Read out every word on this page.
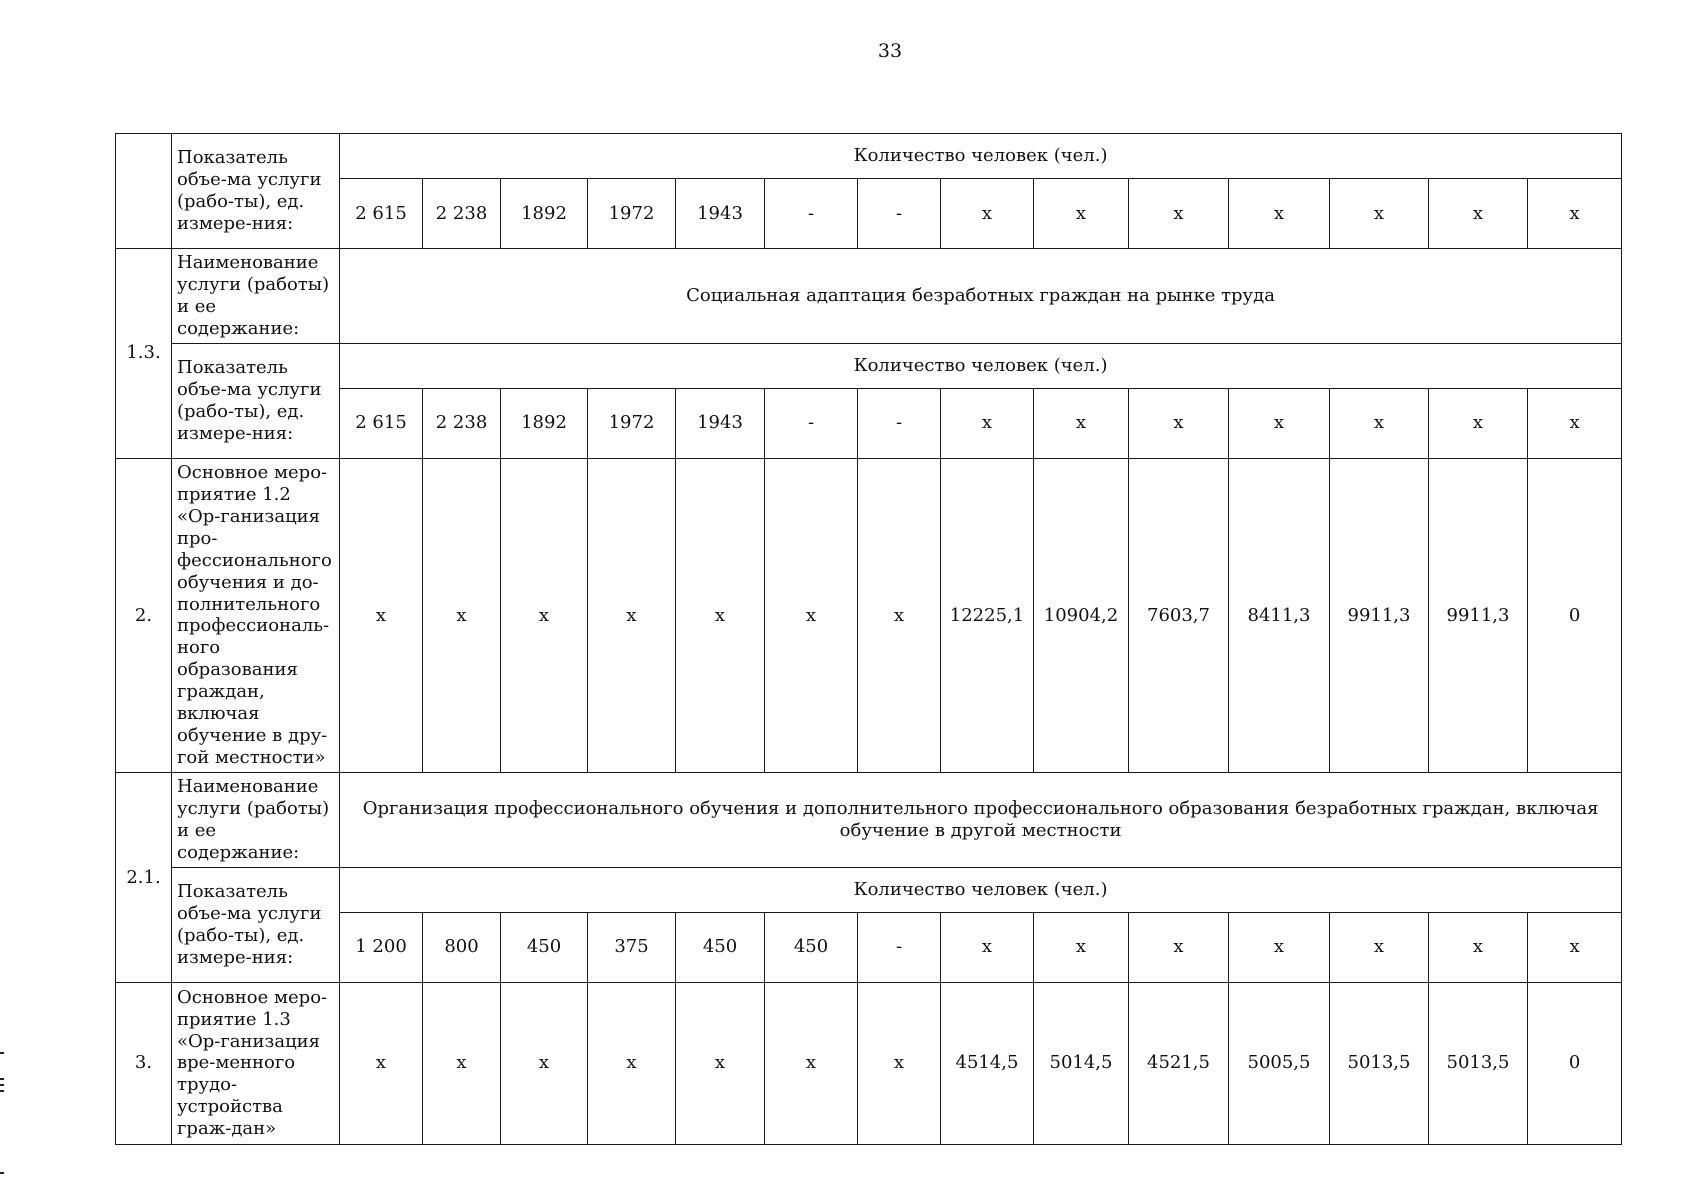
33
	Показатель объе-ма услуги (рабо-ты), ед. измере-ния:	Количество человек (чел.)													
		2 615	2 238	1892	1972	1943	-	-	x	x	x	x	x	x	x
1.3.	Наименование услуги (работы) и ее содержание:	Социальная адаптация безработных граждан на рынке труда													
	Показатель объе-ма услуги (рабо-ты), ед. измере-ния:	Количество человек (чел.)													
		2 615	2 238	1892	1972	1943	-	-	x	x	x	x	x	x	x
2.	Основное меро-приятие 1.2 «Ор-ганизация про-фессионального обучения и до-полнительного профессиональ-ного образования граждан, включая обучение в дру-гой местности»	x	x	x	x	x	x	x	12225,1	10904,2	7603,7	8411,3	9911,3	9911,3	0
2.1.	Наименование услуги (работы) и ее содержание:	Организация профессионального обучения и дополнительного профессионального образования безработных граждан, включая обучение в другой местности													
	Показатель объе-ма услуги (рабо-ты), ед. измере-ния:	Количество человек (чел.)													
		1 200	800	450	375	450	450	-	x	x	x	x	x	x	x
3.	Основное меро-приятие 1.3 «Ор-ганизация вре-менного трудо-устройства граж-дан»	x	x	x	x	x	x	x	4514,5	5014,5	4521,5	5005,5	5013,5	5013,5	0
